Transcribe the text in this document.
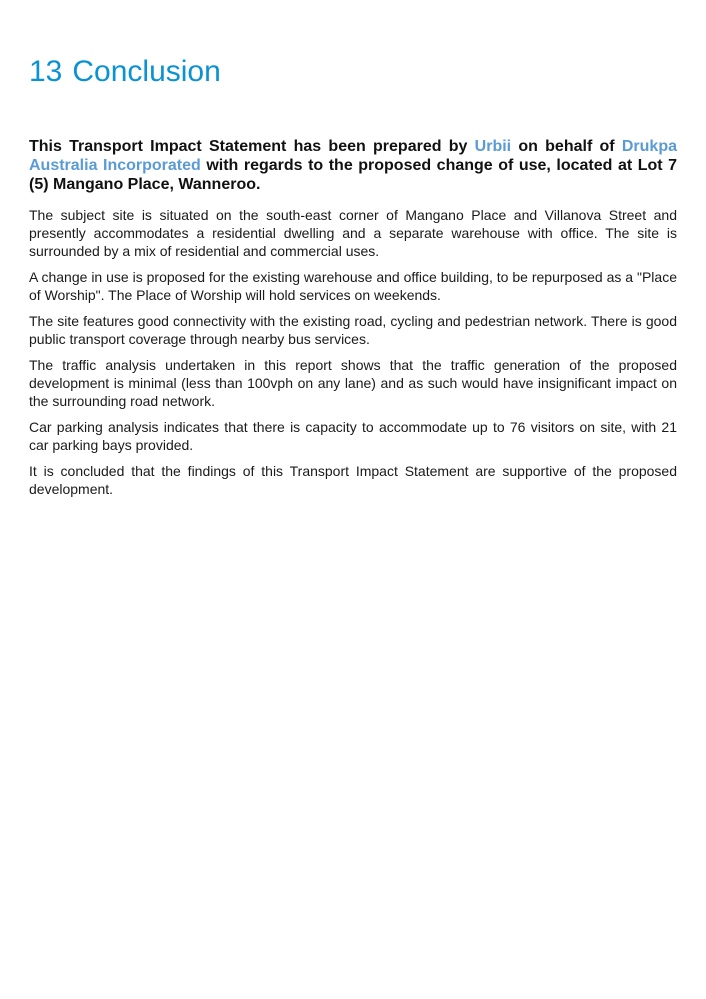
13 Conclusion

This Transport Impact Statement has been prepared by Urbii on behalf of Drukpa Australia Incorporated with regards to the proposed change of use, located at Lot 7 (5) Mangano Place, Wanneroo.

The subject site is situated on the south-east corner of Mangano Place and Villanova Street and presently accommodates a residential dwelling and a separate warehouse with office. The site is surrounded by a mix of residential and commercial uses.

A change in use is proposed for the existing warehouse and office building, to be repurposed as a "Place of Worship". The Place of Worship will hold services on weekends.

The site features good connectivity with the existing road, cycling and pedestrian network. There is good public transport coverage through nearby bus services.

The traffic analysis undertaken in this report shows that the traffic generation of the proposed development is minimal (less than 100vph on any lane) and as such would have insignificant impact on the surrounding road network.

Car parking analysis indicates that there is capacity to accommodate up to 76 visitors on site, with 21 car parking bays provided.

It is concluded that the findings of this Transport Impact Statement are supportive of the proposed development.
